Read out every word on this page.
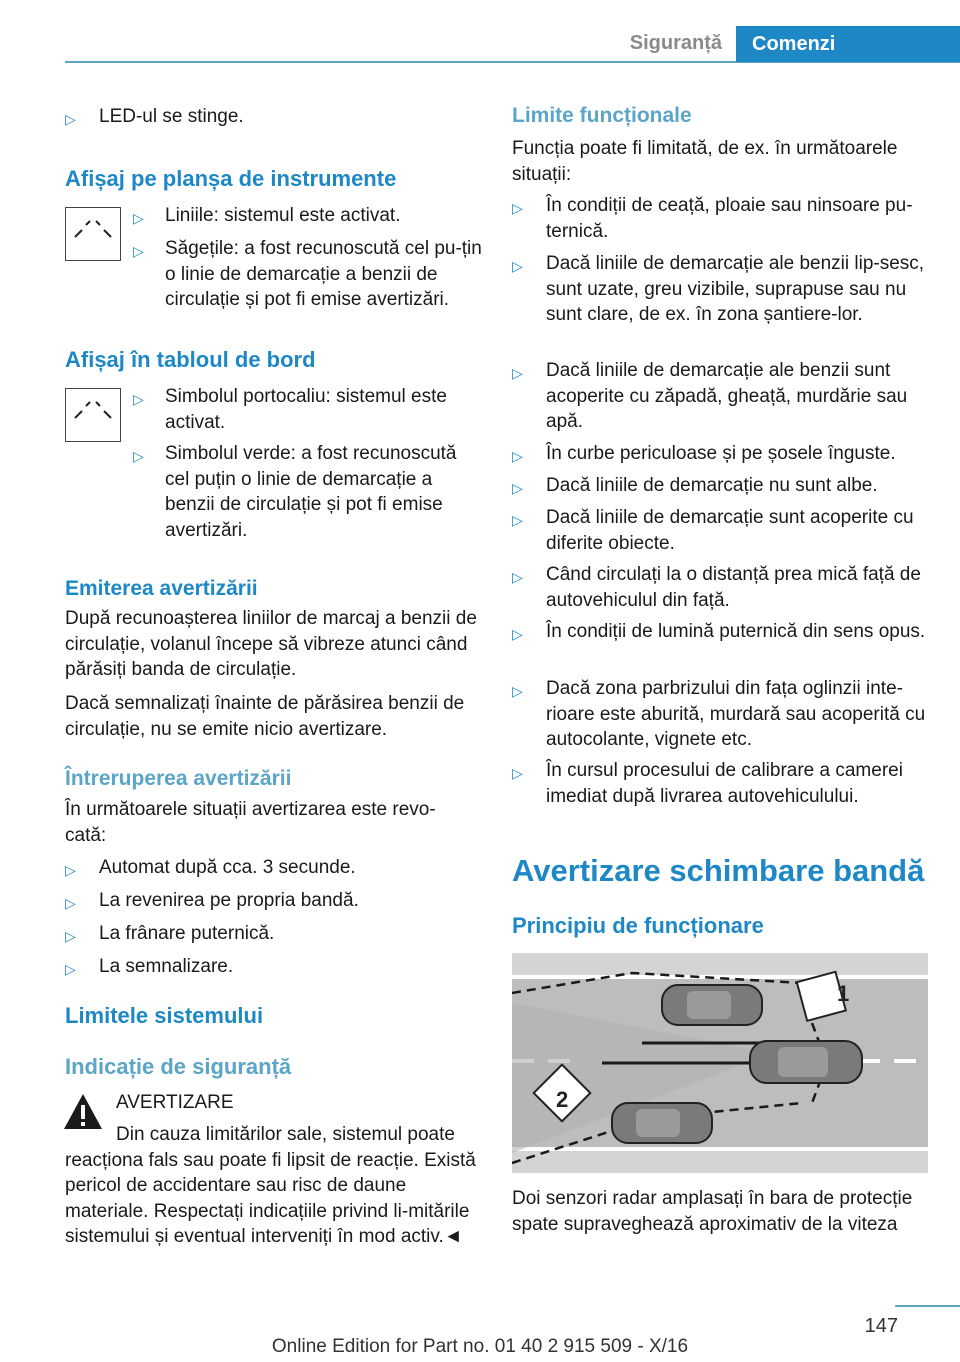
Siguranță	Comenzi
▷	LED-ul se stinge.
Afișaj pe planșa de instrumente
▷	Liniile: sistemul este activat.
▷	Săgețile: a fost recunoscută cel pu-țin o linie de demarcație a benzii de circulație și pot fi emise avertizări.
Afișaj în tabloul de bord
▷	Simbolul portocaliu: sistemul este activat.
▷	Simbolul verde: a fost recunoscută cel puțin o linie de demarcație a benzii de circulație și pot fi emise avertizări.
Emiterea avertizării
După recunoașterea liniilor de marcaj a benzii de circulație, volanul începe să vibreze atunci când părăsiți banda de circulație.
Dacă semnalizați înainte de părăsirea benzii de circulație, nu se emite nicio avertizare.
Întreruperea avertizării
În următoarele situații avertizarea este revo-cată:
▷	Automat după cca. 3 secunde.
▷	La revenirea pe propria bandă.
▷	La frânare puternică.
▷	La semnalizare.
Limitele sistemului
Indicație de siguranță
AVERTIZARE
Din cauza limitărilor sale, sistemul poate reacționa fals sau poate fi lipsit de reacție. Există pericol de accidentare sau risc de daune materiale. Respectați indicațiile privind li-mitările sistemului și eventual interveniți în mod activ.◄
Limite funcționale
Funcția poate fi limitată, de ex. în următoarele situații:
▷	În condiții de ceață, ploaie sau ninsoare pu-ternică.
▷	Dacă liniile de demarcație ale benzii lip-sesc, sunt uzate, greu vizibile, suprapuse sau nu sunt clare, de ex. în zona șantiere-lor.
▷	Dacă liniile de demarcație ale benzii sunt acoperite cu zăpadă, gheață, murdărie sau apă.
▷	În curbe periculoase și pe șosele înguste.
▷	Dacă liniile de demarcație nu sunt albe.
▷	Dacă liniile de demarcație sunt acoperite cu diferite obiecte.
▷	Când circulați la o distanță prea mică față de autovehiculul din față.
▷	În condiții de lumină puternică din sens opus.
▷	Dacă zona parbrizului din fața oglinzii inte-rioare este aburită, murdară sau acoperită cu autocolante, vignete etc.
▷	În cursul procesului de calibrare a camerei imediat după livrarea autovehiculului.
Avertizare schimbare bandă
Principiu de funcționare
1
2
Doi senzori radar amplasați în bara de protecție spate supraveghează aproximativ de la viteza
147
Online Edition for Part no. 01 40 2 915 509 - X/16
